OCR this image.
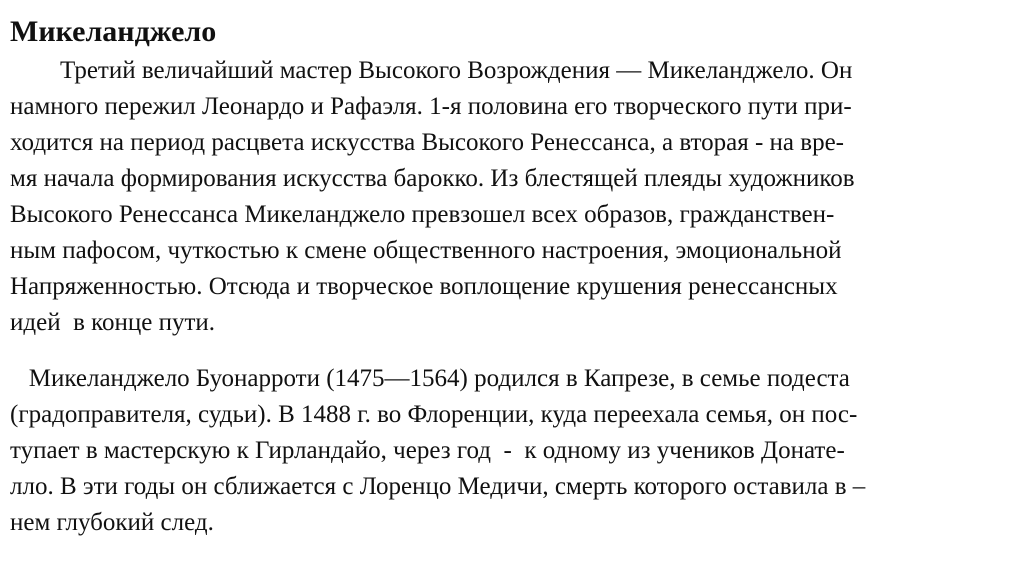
Микеланджело
Третий величайший мастер Высокого Возрождения — Микеланджело. Он
намного пережил Леонардо и Рафаэля. 1-я половина его творческого пути при-
ходится на период расцвета искусства Высокого Ренессанса, а вторая - на вре-
мя начала формирования искусства барокко. Из блестящей плеяды художников
Высокого Ренессанса Микеланджело превзошел всех образов, гражданствен-
ным пафосом, чуткостью к смене общественного настроения, эмоциональной
Напряженностью. Отсюда и творческое воплощение крушения ренессансных
идей  в конце пути.
Микеланджело Буонарроти (1475—1564) родился в Капрезе, в семье подеста
(градоправителя, судьи). В 1488 г. во Флоренции, куда переехала семья, он пос-
тупает в мастерскую к Гирландайо, через год  -  к одному из учеников Донате-
лло. В эти годы он сближается с Лоренцо Медичи, смерть которого оставила в –
нем глубокий след.
